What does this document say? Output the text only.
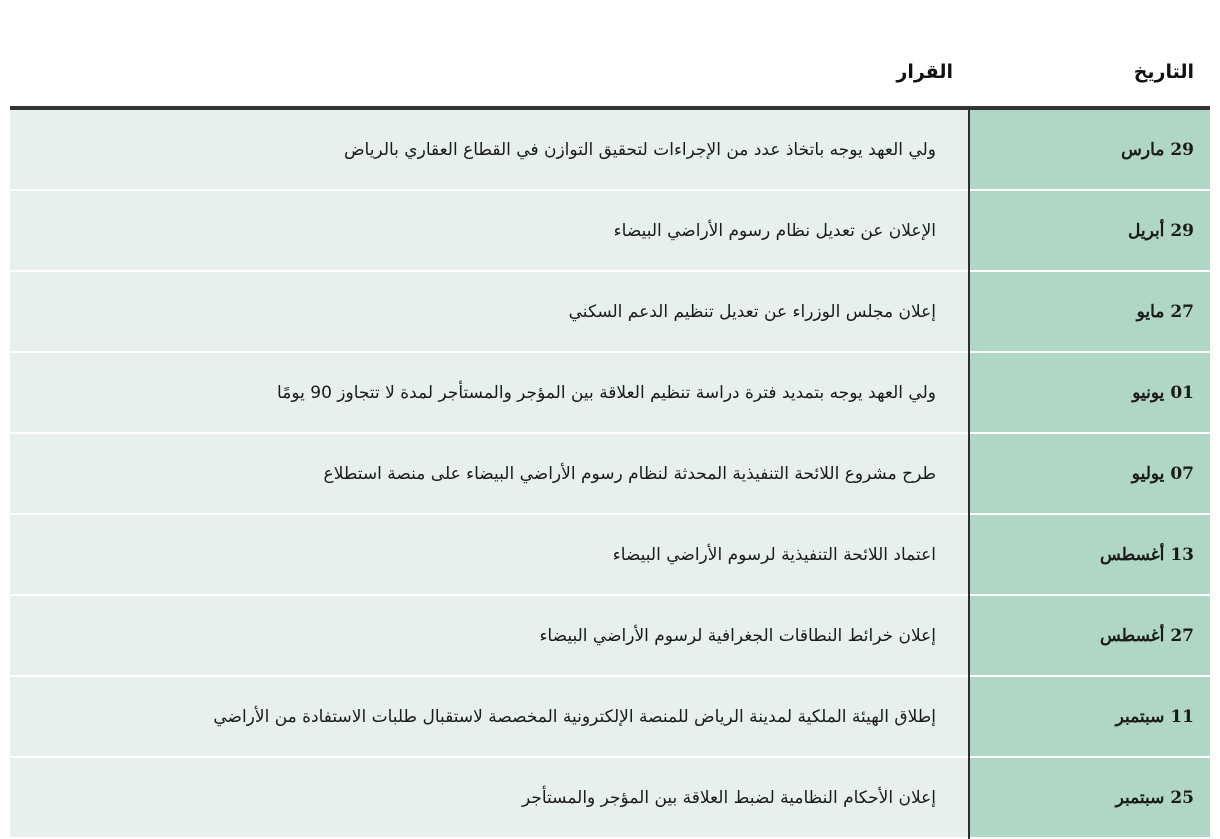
التاريخ	القرار
29 مارس	ولي العهد يوجه باتخاذ عدد من الإجراءات لتحقيق التوازن في القطاع العقاري بالرياض
29 أبريل	الإعلان عن تعديل نظام رسوم الأراضي البيضاء
27 مايو	إعلان مجلس الوزراء عن تعديل تنظيم الدعم السكني
01 يونيو	ولي العهد يوجه بتمديد فترة دراسة تنظيم العلاقة بين المؤجر والمستأجر لمدة لا تتجاوز 90 يومًا
07 يوليو	طرح مشروع اللائحة التنفيذية المحدثة لنظام رسوم الأراضي البيضاء على منصة استطلاع
13 أغسطس	اعتماد اللائحة التنفيذية لرسوم الأراضي البيضاء
27 أغسطس	إعلان خرائط النطاقات الجغرافية لرسوم الأراضي البيضاء
11 سبتمبر	إطلاق الهيئة الملكية لمدينة الرياض للمنصة الإلكترونية المخصصة لاستقبال طلبات الاستفادة من الأراضي
25 سبتمبر	إعلان الأحكام النظامية لضبط العلاقة بين المؤجر والمستأجر
